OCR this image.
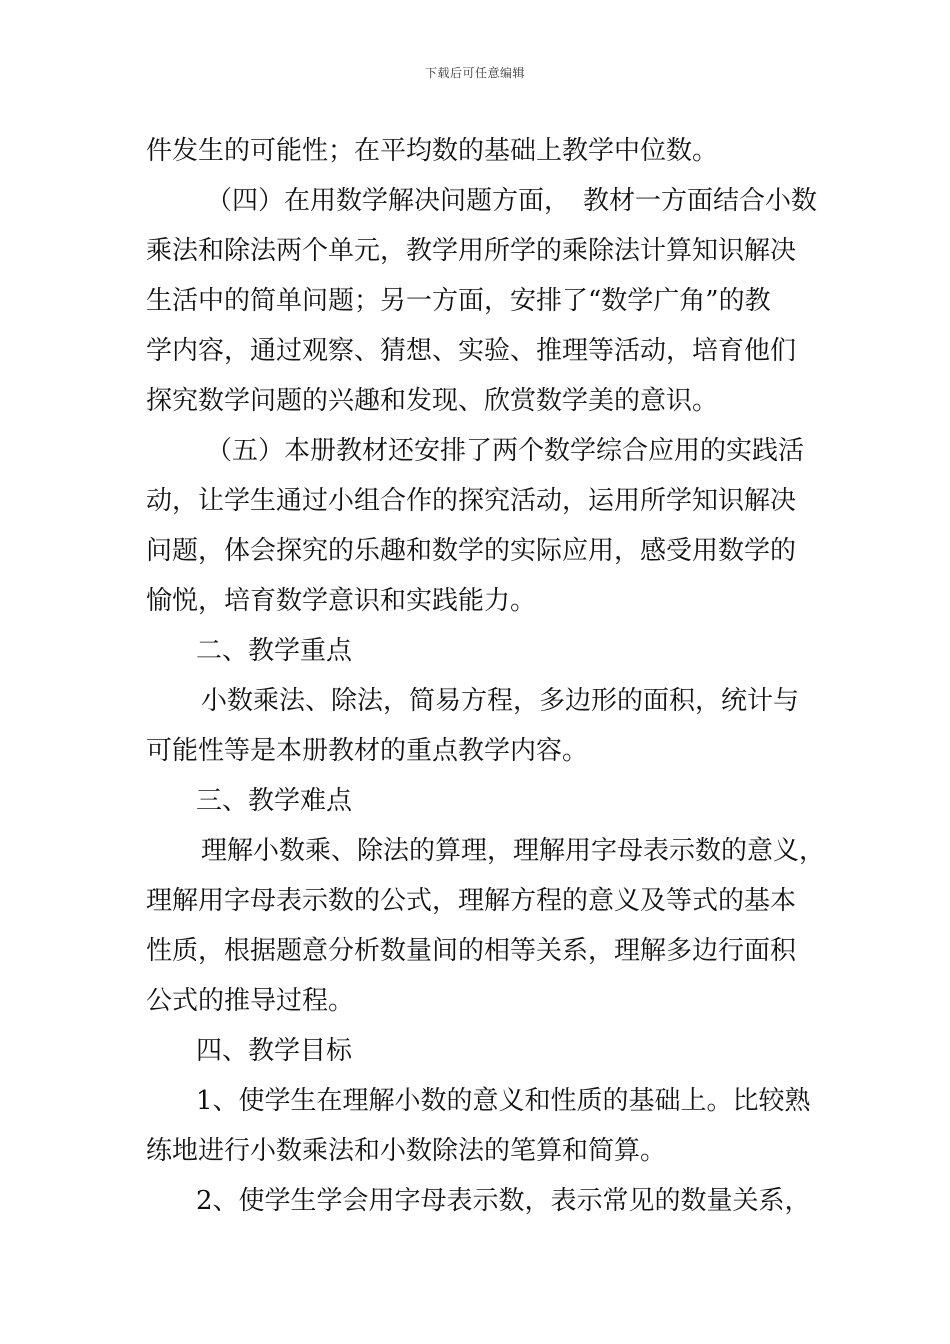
下载后可任意编辑
件发生的可能性；在平均数的基础上教学中位数。
（四）在用数学解决问题方面，　教材一方面结合小数
乘法和除法两个单元，教学用所学的乘除法计算知识解决
生活中的简单问题；另一方面，安排了“数学广角”的教
学内容，通过观察、猜想、实验、推理等活动，培育他们
探究数学问题的兴趣和发现、欣赏数学美的意识。
（五）本册教材还安排了两个数学综合应用的实践活
动，让学生通过小组合作的探究活动，运用所学知识解决
问题，体会探究的乐趣和数学的实际应用，感受用数学的
愉悦，培育数学意识和实践能力。
二、教学重点
小数乘法、除法，简易方程，多边形的面积，统计与
可能性等是本册教材的重点教学内容。
三、教学难点
理解小数乘、除法的算理，理解用字母表示数的意义，
理解用字母表示数的公式，理解方程的意义及等式的基本
性质，根据题意分析数量间的相等关系，理解多边行面积
公式的推导过程。
四、教学目标
1、使学生在理解小数的意义和性质的基础上。比较熟
练地进行小数乘法和小数除法的笔算和简算。
2、使学生学会用字母表示数，表示常见的数量关系，
